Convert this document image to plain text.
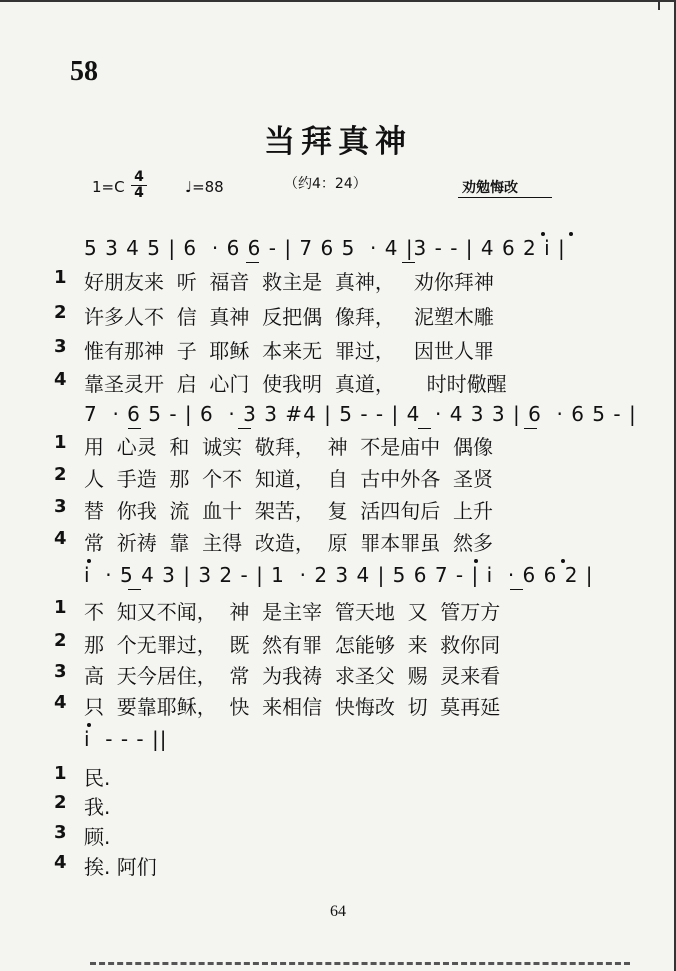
58
当拜真神
1=C
4
4	♩=88	（约4：24）	劝勉悔改
5 3 4 5 | 6  · 6 6 - | 7 6 5  · 4 |3 - - | 4 6 2 i |
1 好朋友来  听  福音  救主是  真神，   劝你拜神
2 许多人不  信  真神  反把偶  像拜，   泥塑木雕
3 惟有那神  子  耶稣  本来无  罪过，   因世人罪
4 靠圣灵开  启  心门  使我明  真道，     时时儆醒
7  · 6 5 - | 6  · 3 3 #4 | 5 - - | 4  · 4 3 3 | 6  · 6 5 - |
1 用  心灵  和  诚实  敬拜，  神  不是庙中  偶像
2 人  手造  那  个不  知道，  自  古中外各  圣贤
3 替  你我  流  血十  架苦，  复  活四旬后  上升
4 常  祈祷  靠  主得  改造，  原  罪本罪虽  然多
i  · 5 4 3 | 3 2 - | 1  · 2 3 4 | 5 6 7 - | i  · 6 6 2 |
1 不  知又不闻，  神  是主宰  管天地  又  管万方
2 那  个无罪过，  既  然有罪  怎能够  来  救你同
3 高  天今居住，  常  为我祷  求圣父  赐  灵来看
4 只  要靠耶稣，  快  来相信  快悔改  切  莫再延
i  - - - ||
1 民.
2 我.
3 顾.
4 挨. 阿们
64
